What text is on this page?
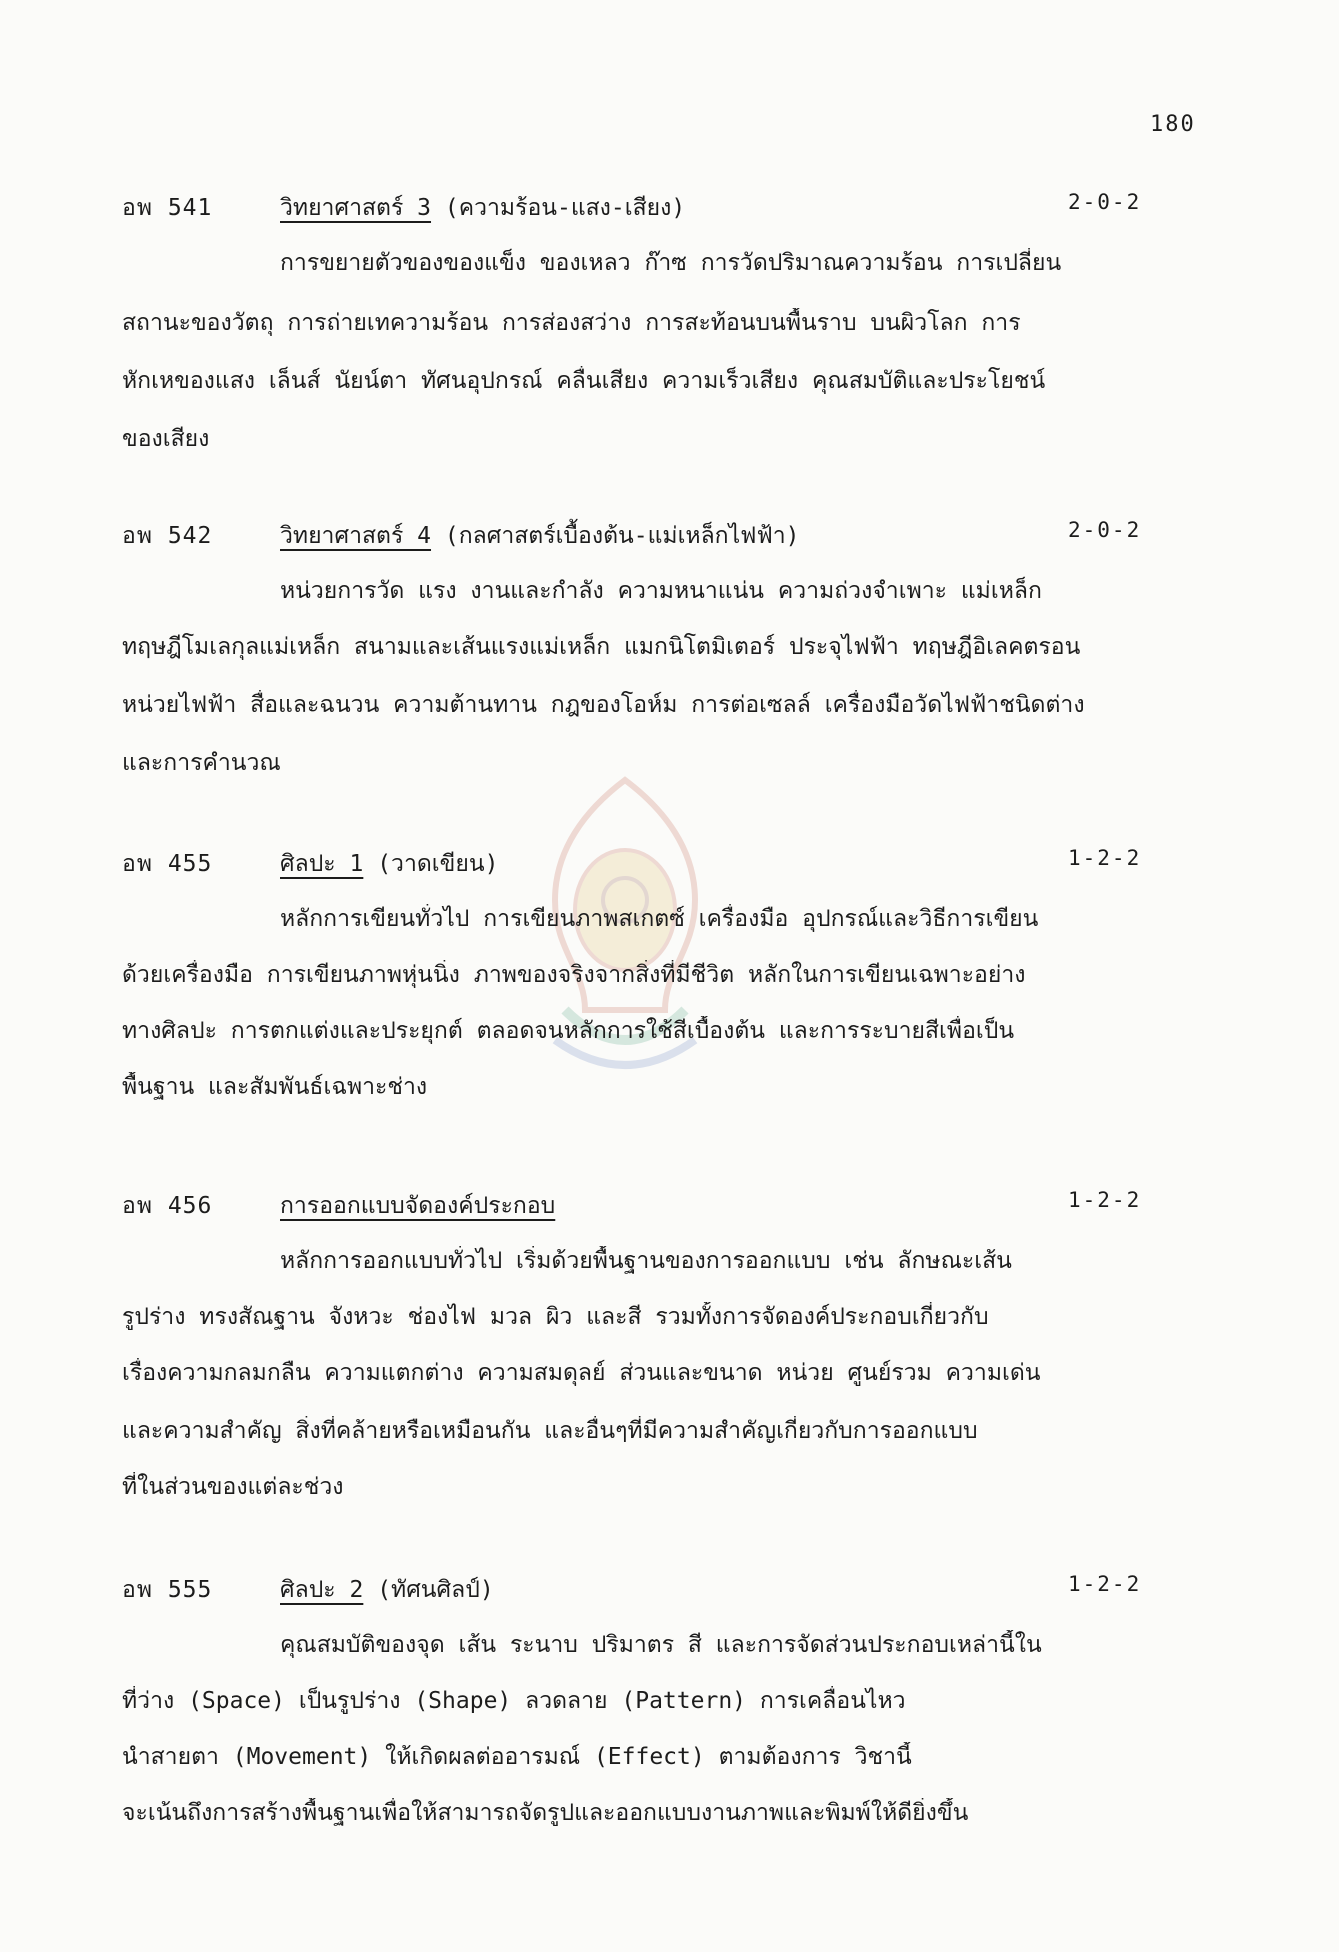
180
อพ 541	วิทยาศาสตร์ 3 (ความร้อน-แสง-เสียง)	2-0-2
การขยายตัวของของแข็ง ของเหลว ก๊าซ การวัดปริมาณความร้อน การเปลี่ยน
สถานะของวัตถุ การถ่ายเทความร้อน การส่องสว่าง การสะท้อนบนพื้นราบ บนผิวโลก การ
หักเหของแสง เล็นส์ นัยน์ตา ทัศนอุปกรณ์ คลื่นเสียง ความเร็วเสียง คุณสมบัติและประโยชน์
ของเสียง
อพ 542	วิทยาศาสตร์ 4 (กลศาสตร์เบื้องต้น-แม่เหล็กไฟฟ้า)	2-0-2
หน่วยการวัด แรง งานและกำลัง ความหนาแน่น ความถ่วงจำเพาะ แม่เหล็ก
ทฤษฎีโมเลกุลแม่เหล็ก สนามและเส้นแรงแม่เหล็ก แมกนิโตมิเตอร์ ประจุไฟฟ้า ทฤษฎีอิเลคตรอน
หน่วยไฟฟ้า สื่อและฉนวน ความต้านทาน กฎของโอห์ม การต่อเซลล์ เครื่องมือวัดไฟฟ้าชนิดต่าง
และการคำนวณ
อพ 455	ศิลปะ 1 (วาดเขียน)	1-2-2
หลักการเขียนทั่วไป การเขียนภาพสเกตซ์ เครื่องมือ อุปกรณ์และวิธีการเขียน
ด้วยเครื่องมือ การเขียนภาพหุ่นนิ่ง ภาพของจริงจากสิ่งที่มีชีวิต หลักในการเขียนเฉพาะอย่าง
ทางศิลปะ การตกแต่งและประยุกต์ ตลอดจนหลักการใช้สีเบื้องต้น และการระบายสีเพื่อเป็น
พื้นฐาน และสัมพันธ์เฉพาะช่าง
อพ 456	การออกแบบจัดองค์ประกอบ	1-2-2
หลักการออกแบบทั่วไป เริ่มด้วยพื้นฐานของการออกแบบ เช่น ลักษณะเส้น
รูปร่าง ทรงสัณฐาน จังหวะ ช่องไฟ มวล ผิว และสี รวมทั้งการจัดองค์ประกอบเกี่ยวกับ
เรื่องความกลมกลืน ความแตกต่าง ความสมดุลย์ ส่วนและขนาด หน่วย ศูนย์รวม ความเด่น
และความสำคัญ สิ่งที่คล้ายหรือเหมือนกัน และอื่นๆที่มีความสำคัญเกี่ยวกับการออกแบบ
ที่ในส่วนของแต่ละช่วง
อพ 555	ศิลปะ 2 (ทัศนศิลป์)	1-2-2
คุณสมบัติของจุด เส้น ระนาบ ปริมาตร สี และการจัดส่วนประกอบเหล่านี้ใน
ที่ว่าง (Space) เป็นรูปร่าง (Shape) ลวดลาย (Pattern) การเคลื่อนไหว
นำสายตา (Movement) ให้เกิดผลต่ออารมณ์ (Effect) ตามต้องการ วิชานี้
จะเน้นถึงการสร้างพื้นฐานเพื่อให้สามารถจัดรูปและออกแบบงานภาพและพิมพ์ให้ดียิ่งขึ้น
